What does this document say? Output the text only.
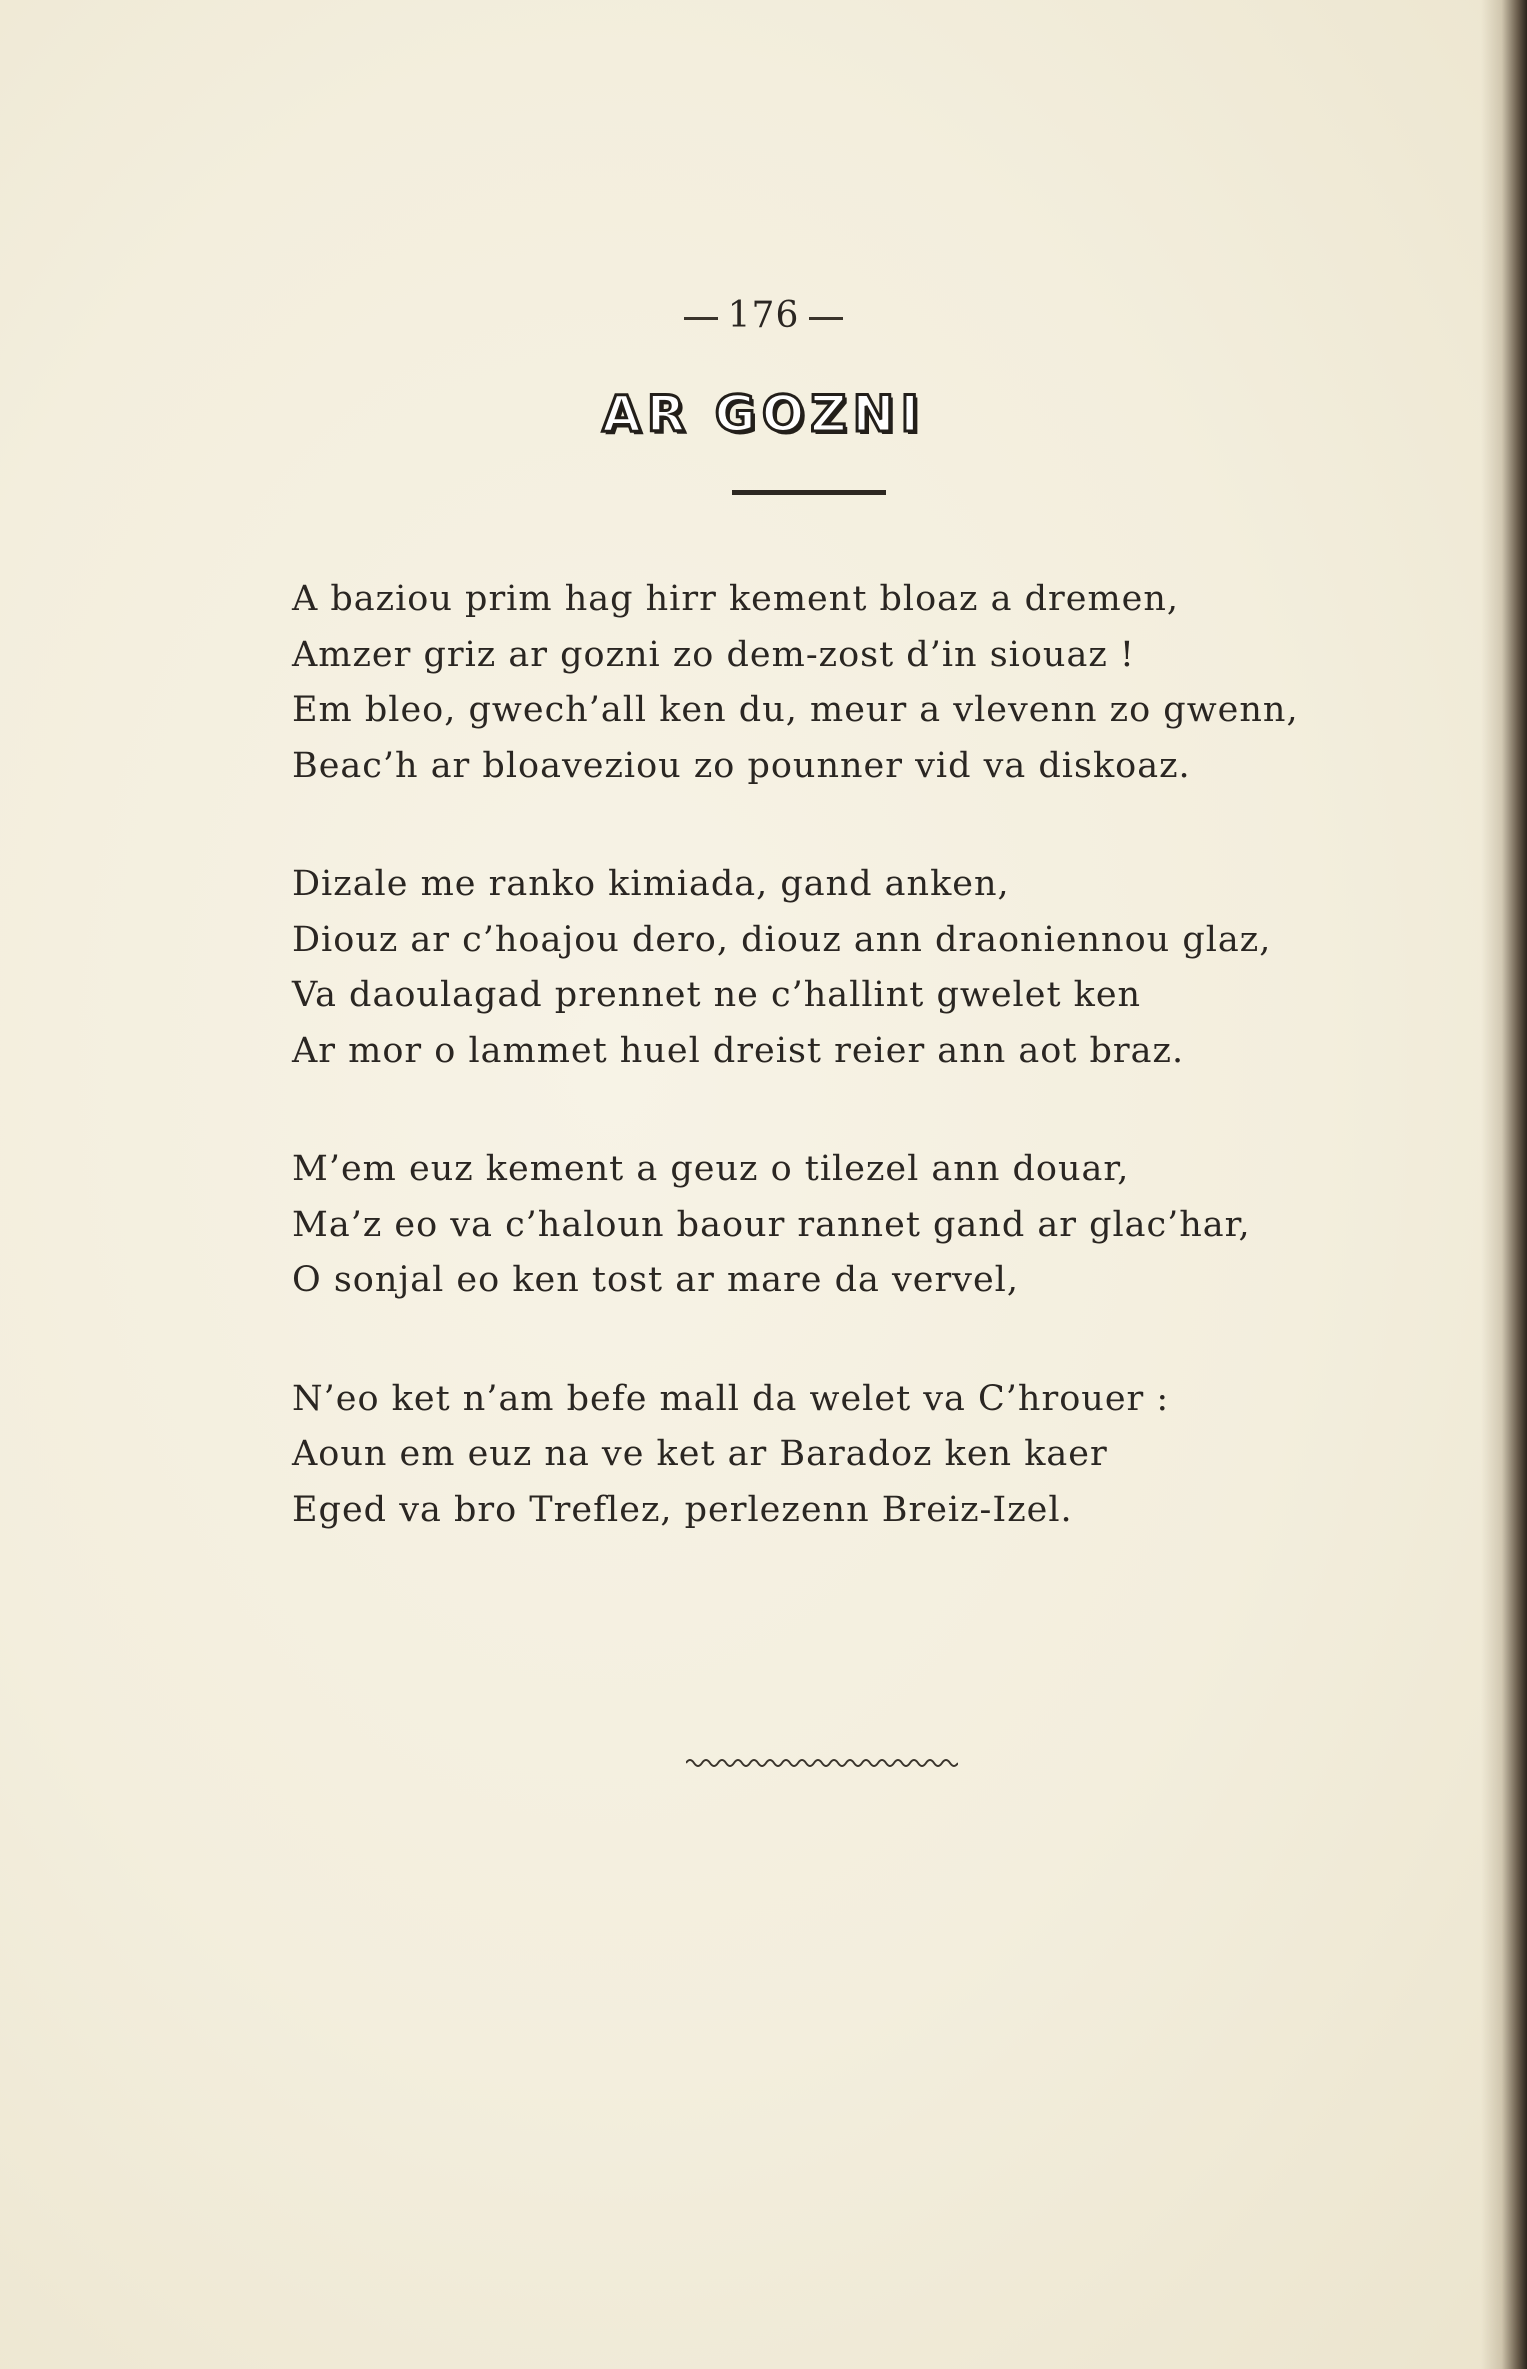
176
AR GOZNI
A baziou prim hag hirr kement bloaz a dremen,
Amzer griz ar gozni zo dem-zost d’in siouaz !
Em bleo, gwech’all ken du, meur a vlevenn zo gwenn,
Beac’h ar bloaveziou zo pounner vid va diskoaz.
Dizale me ranko kimiada, gand anken,
Diouz ar c’hoajou dero, diouz ann draoniennou glaz,
Va daoulagad prennet ne c’hallint gwelet ken
Ar mor o lammet huel dreist reier ann aot braz.
M’em euz kement a geuz o tilezel ann douar,
Ma’z eo va c’haloun baour rannet gand ar glac’har,
O sonjal eo ken tost ar mare da vervel,
N’eo ket n’am befe mall da welet va C’hrouer :
Aoun em euz na ve ket ar Baradoz ken kaer
Eged va bro Treflez, perlezenn Breiz-Izel.
